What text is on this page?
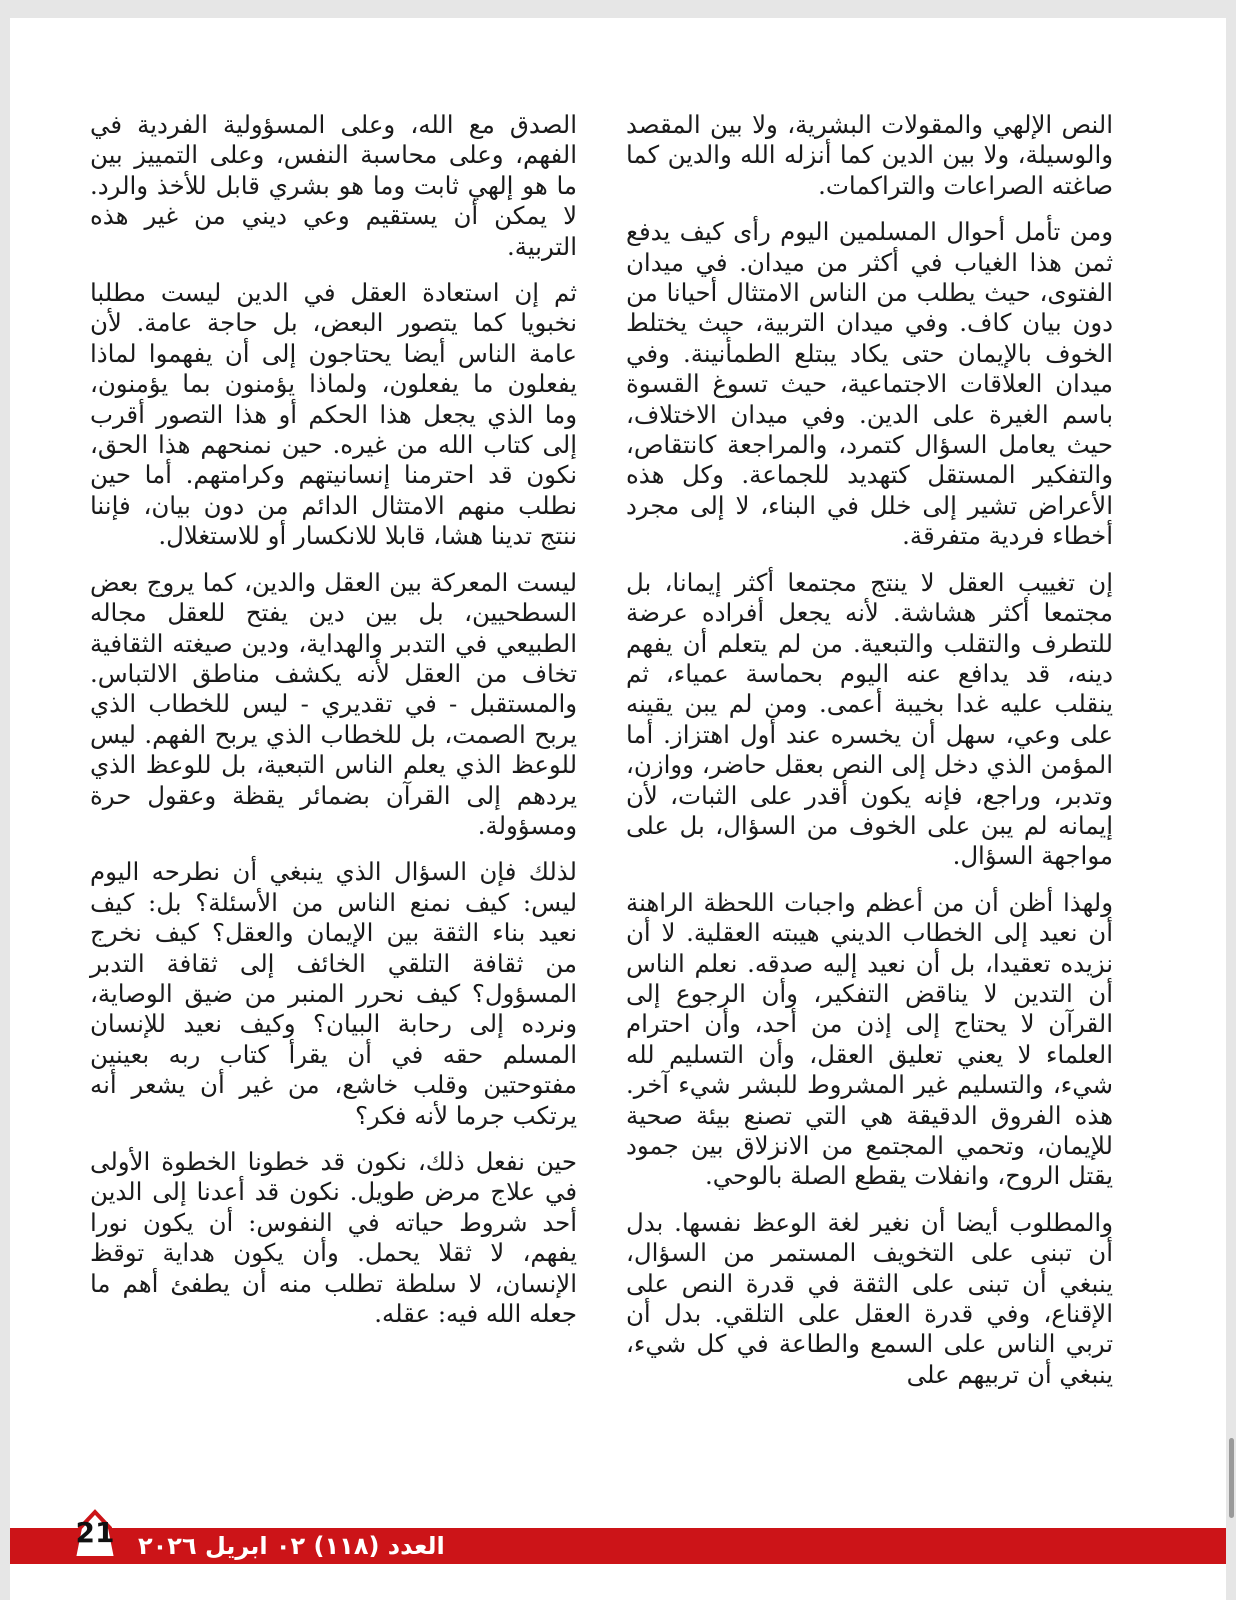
النص الإلهي والمقولات البشرية، ولا بين المقصد والوسيلة، ولا بين الدين كما أنزله الله والدين كما صاغته الصراعات والتراكمات.

ومن تأمل أحوال المسلمين اليوم رأى كيف يدفع ثمن هذا الغياب في أكثر من ميدان. في ميدان الفتوى، حيث يطلب من الناس الامتثال أحيانا من دون بيان كاف. وفي ميدان التربية، حيث يختلط الخوف بالإيمان حتى يكاد يبتلع الطمأنينة. وفي ميدان العلاقات الاجتماعية، حيث تسوغ القسوة باسم الغيرة على الدين. وفي ميدان الاختلاف، حيث يعامل السؤال كتمرد، والمراجعة كانتقاص، والتفكير المستقل كتهديد للجماعة. وكل هذه الأعراض تشير إلى خلل في البناء، لا إلى مجرد أخطاء فردية متفرقة.

إن تغييب العقل لا ينتج مجتمعا أكثر إيمانا، بل مجتمعا أكثر هشاشة. لأنه يجعل أفراده عرضة للتطرف والتقلب والتبعية. من لم يتعلم أن يفهم دينه، قد يدافع عنه اليوم بحماسة عمياء، ثم ينقلب عليه غدا بخيبة أعمى. ومن لم يبن يقينه على وعي، سهل أن يخسره عند أول اهتزاز. أما المؤمن الذي دخل إلى النص بعقل حاضر، ووازن، وتدبر، وراجع، فإنه يكون أقدر على الثبات، لأن إيمانه لم يبن على الخوف من السؤال، بل على مواجهة السؤال.

ولهذا أظن أن من أعظم واجبات اللحظة الراهنة أن نعيد إلى الخطاب الديني هيبته العقلية. لا أن نزيده تعقيدا، بل أن نعيد إليه صدقه. نعلم الناس أن التدين لا يناقض التفكير، وأن الرجوع إلى القرآن لا يحتاج إلى إذن من أحد، وأن احترام العلماء لا يعني تعليق العقل، وأن التسليم لله شيء، والتسليم غير المشروط للبشر شيء آخر. هذه الفروق الدقيقة هي التي تصنع بيئة صحية للإيمان، وتحمي المجتمع من الانزلاق بين جمود يقتل الروح، وانفلات يقطع الصلة بالوحي.

والمطلوب أيضا أن نغير لغة الوعظ نفسها. بدل أن تبنى على التخويف المستمر من السؤال، ينبغي أن تبنى على الثقة في قدرة النص على الإقناع، وفي قدرة العقل على التلقي. بدل أن تربي الناس على السمع والطاعة في كل شيء، ينبغي أن تربيهم على

الصدق مع الله، وعلى المسؤولية الفردية في الفهم، وعلى محاسبة النفس، وعلى التمييز بين ما هو إلهي ثابت وما هو بشري قابل للأخذ والرد. لا يمكن أن يستقيم وعي ديني من غير هذه التربية.

ثم إن استعادة العقل في الدين ليست مطلبا نخبويا كما يتصور البعض، بل حاجة عامة. لأن عامة الناس أيضا يحتاجون إلى أن يفهموا لماذا يفعلون ما يفعلون، ولماذا يؤمنون بما يؤمنون، وما الذي يجعل هذا الحكم أو هذا التصور أقرب إلى كتاب الله من غيره. حين نمنحهم هذا الحق، نكون قد احترمنا إنسانيتهم وكرامتهم. أما حين نطلب منهم الامتثال الدائم من دون بيان، فإننا ننتج تدينا هشا، قابلا للانكسار أو للاستغلال.

ليست المعركة بين العقل والدين، كما يروج بعض السطحيين، بل بين دين يفتح للعقل مجاله الطبيعي في التدبر والهداية، ودين صيغته الثقافية تخاف من العقل لأنه يكشف مناطق الالتباس. والمستقبل - في تقديري - ليس للخطاب الذي يربح الصمت، بل للخطاب الذي يربح الفهم. ليس للوعظ الذي يعلم الناس التبعية، بل للوعظ الذي يردهم إلى القرآن بضمائر يقظة وعقول حرة ومسؤولة.

لذلك فإن السؤال الذي ينبغي أن نطرحه اليوم ليس: كيف نمنع الناس من الأسئلة؟ بل: كيف نعيد بناء الثقة بين الإيمان والعقل؟ كيف نخرج من ثقافة التلقي الخائف إلى ثقافة التدبر المسؤول؟ كيف نحرر المنبر من ضيق الوصاية، ونرده إلى رحابة البيان؟ وكيف نعيد للإنسان المسلم حقه في أن يقرأ كتاب ربه بعينين مفتوحتين وقلب خاشع، من غير أن يشعر أنه يرتكب جرما لأنه فكر؟

حين نفعل ذلك، نكون قد خطونا الخطوة الأولى في علاج مرض طويل. نكون قد أعدنا إلى الدين أحد شروط حياته في النفوس: أن يكون نورا يفهم، لا ثقلا يحمل. وأن يكون هداية توقظ الإنسان، لا سلطة تطلب منه أن يطفئ أهم ما جعله الله فيه: عقله.

العدد (١١٨) ٠٢ ابريل ٢٠٢٦
21
